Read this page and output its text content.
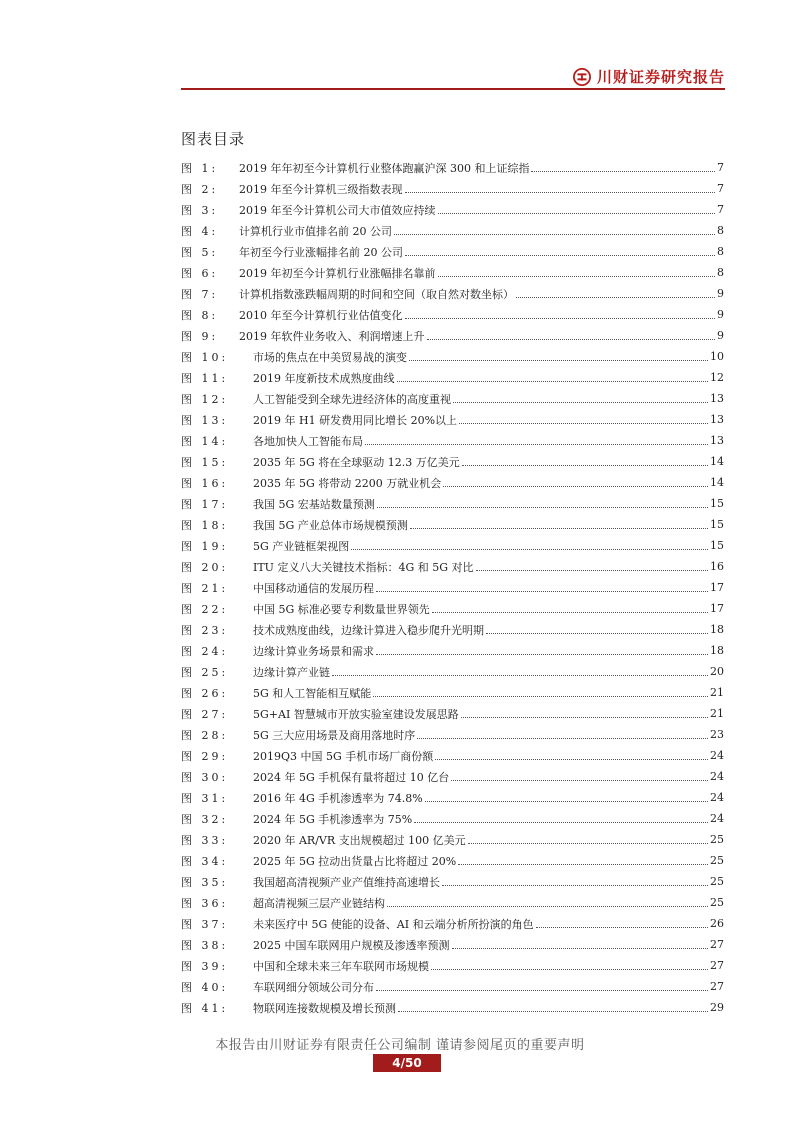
川财证券研究报告
图表目录
图 1:	2019 年年初至今计算机行业整体跑赢沪深 300 和上证综指	7
图 2:	2019 年至今计算机三级指数表现	7
图 3:	2019 年至今计算机公司大市值效应持续	7
图 4:	计算机行业市值排名前 20 公司	8
图 5:	年初至今行业涨幅排名前 20 公司	8
图 6:	2019 年初至今计算机行业涨幅排名靠前	8
图 7:	计算机指数涨跌幅周期的时间和空间（取自然对数坐标）	9
图 8:	2010 年至今计算机行业估值变化	9
图 9:	2019 年软件业务收入、利润增速上升	9
图 10:	市场的焦点在中美贸易战的演变	10
图 11:	2019 年度新技术成熟度曲线	12
图 12:	人工智能受到全球先进经济体的高度重视	13
图 13:	2019 年 H1 研发费用同比增长 20%以上	13
图 14:	各地加快人工智能布局	13
图 15:	2035 年 5G 将在全球驱动 12.3 万亿美元	14
图 16:	2035 年 5G 将带动 2200 万就业机会	14
图 17:	我国 5G 宏基站数量预测	15
图 18:	我国 5G 产业总体市场规模预测	15
图 19:	5G 产业链框架视图	15
图 20:	ITU 定义八大关键技术指标：4G 和 5G 对比	16
图 21:	中国移动通信的发展历程	17
图 22:	中国 5G 标准必要专利数量世界领先	17
图 23:	技术成熟度曲线，边缘计算进入稳步爬升光明期	18
图 24:	边缘计算业务场景和需求	18
图 25:	边缘计算产业链	20
图 26:	5G 和人工智能相互赋能	21
图 27:	5G+AI 智慧城市开放实验室建设发展思路	21
图 28:	5G 三大应用场景及商用落地时序	23
图 29:	2019Q3 中国 5G 手机市场厂商份额	24
图 30:	2024 年 5G 手机保有量将超过 10 亿台	24
图 31:	2016 年 4G 手机渗透率为 74.8%	24
图 32:	2024 年 5G 手机渗透率为 75%	24
图 33:	2020 年 AR/VR 支出规模超过 100 亿美元	25
图 34:	2025 年 5G 拉动出货量占比将超过 20%	25
图 35:	我国超高清视频产业产值维持高速增长	25
图 36:	超高清视频三层产业链结构	25
图 37:	未来医疗中 5G 使能的设备、AI 和云端分析所扮演的角色	26
图 38:	2025 中国车联网用户规模及渗透率预测	27
图 39:	中国和全球未来三年车联网市场规模	27
图 40:	车联网细分领域公司分布	27
图 41:	物联网连接数规模及增长预测	29
本报告由川财证券有限责任公司编制 谨请参阅尾页的重要声明
4/50
